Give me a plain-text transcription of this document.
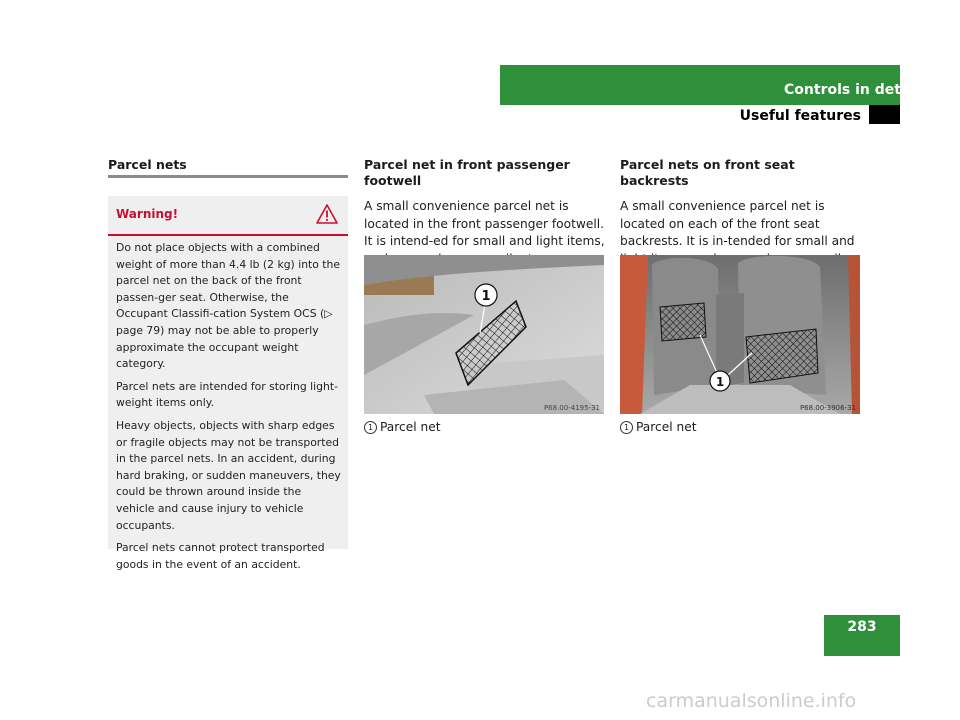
Controls in detail
Useful features
Parcel nets
Warning!

Do not place objects with a combined weight of more than 4.4 lb (2 kg) into the parcel net on the back of the front passen-ger seat. Otherwise, the Occupant Classifi-cation System OCS (▷ page 79) may not be able to properly approximate the occupant weight category.

Parcel nets are intended for storing light-weight items only.

Heavy objects, objects with sharp edges or fragile objects may not be transported in the parcel nets. In an accident, during hard braking, or sudden maneuvers, they could be thrown around inside the vehicle and cause injury to vehicle occupants.

Parcel nets cannot protect transported goods in the event of an accident.

Parcel net in front passenger footwell

A small convenience parcel net is located in the front passenger footwell. It is intend-ed for small and light items,

1
P68.00-4195-31
1 Parcel net
Parcel nets on front seat backrests

A small convenience parcel net is located on each of the front seat backrests. It is in-tended for small and

1
P68.00-3906-31
1 Parcel net
283
carmanualsonline.info
